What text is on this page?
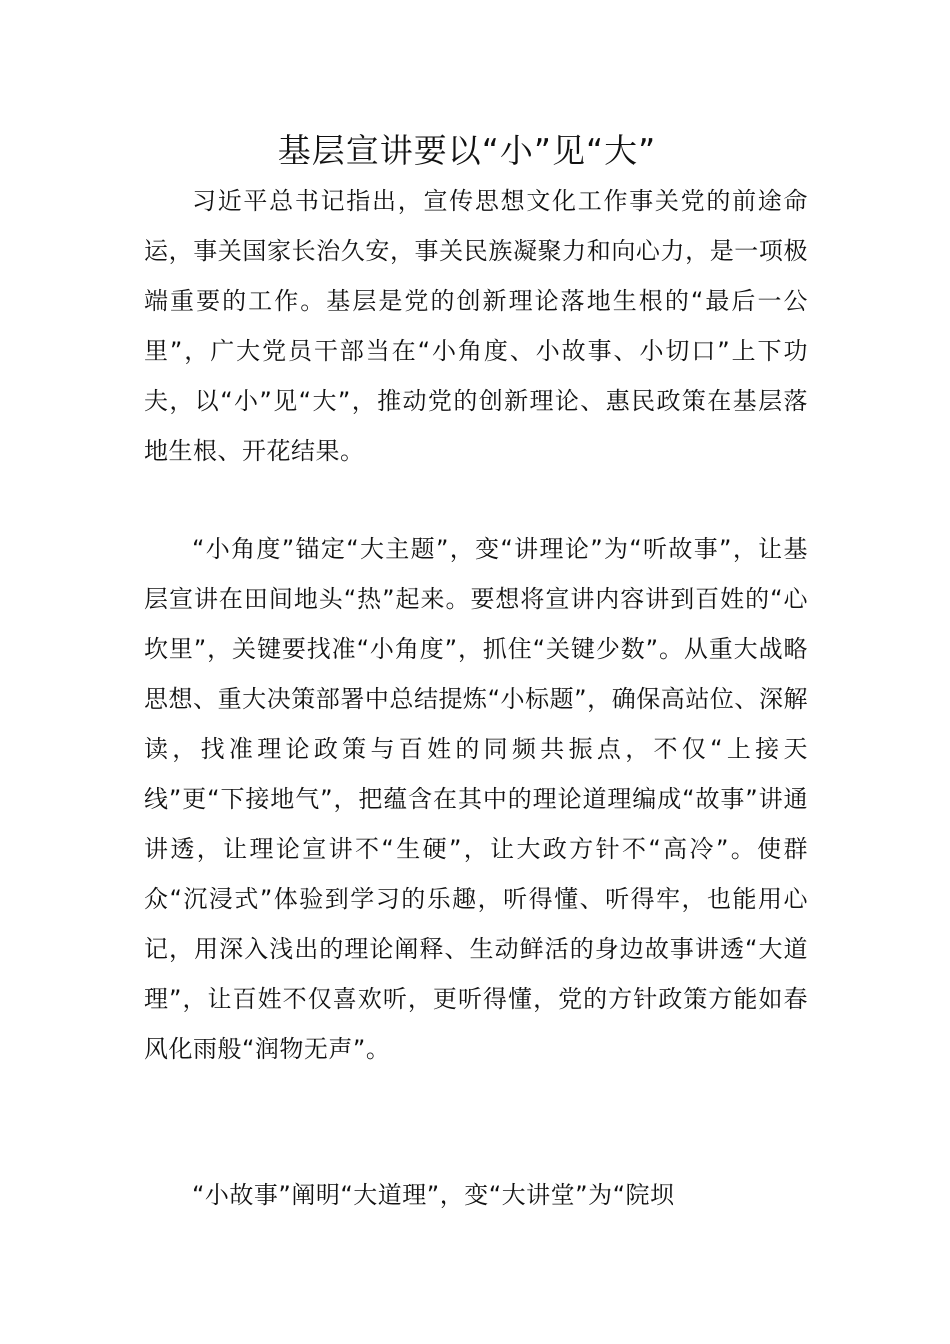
基层宣讲要以“小”见“大”

习近平总书记指出，宣传思想文化工作事关党的前途命运，事关国家长治久安，事关民族凝聚力和向心力，是一项极端重要的工作。基层是党的创新理论落地生根的“最后一公里”，广大党员干部当在“小角度、小故事、小切口”上下功夫，以“小”见“大”，推动党的创新理论、惠民政策在基层落地生根、开花结果。

“小角度”锚定“大主题”，变“讲理论”为“听故事”，让基层宣讲在田间地头“热”起来。要想将宣讲内容讲到百姓的“心坎里”，关键要找准“小角度”，抓住“关键少数”。从重大战略思想、重大决策部署中总结提炼“小标题”，确保高站位、深解读，找准理论政策与百姓的同频共振点，不仅“上接天线”更“下接地气”，把蕴含在其中的理论道理编成“故事”讲通讲透，让理论宣讲不“生硬”，让大政方针不“高冷”。使群众“沉浸式”体验到学习的乐趣，听得懂、听得牢，也能用心记，用深入浅出的理论阐释、生动鲜活的身边故事讲透“大道理”，让百姓不仅喜欢听，更听得懂，党的方针政策方能如春风化雨般“润物无声”。

“小故事”阐明“大道理”，变“大讲堂”为“院坝
